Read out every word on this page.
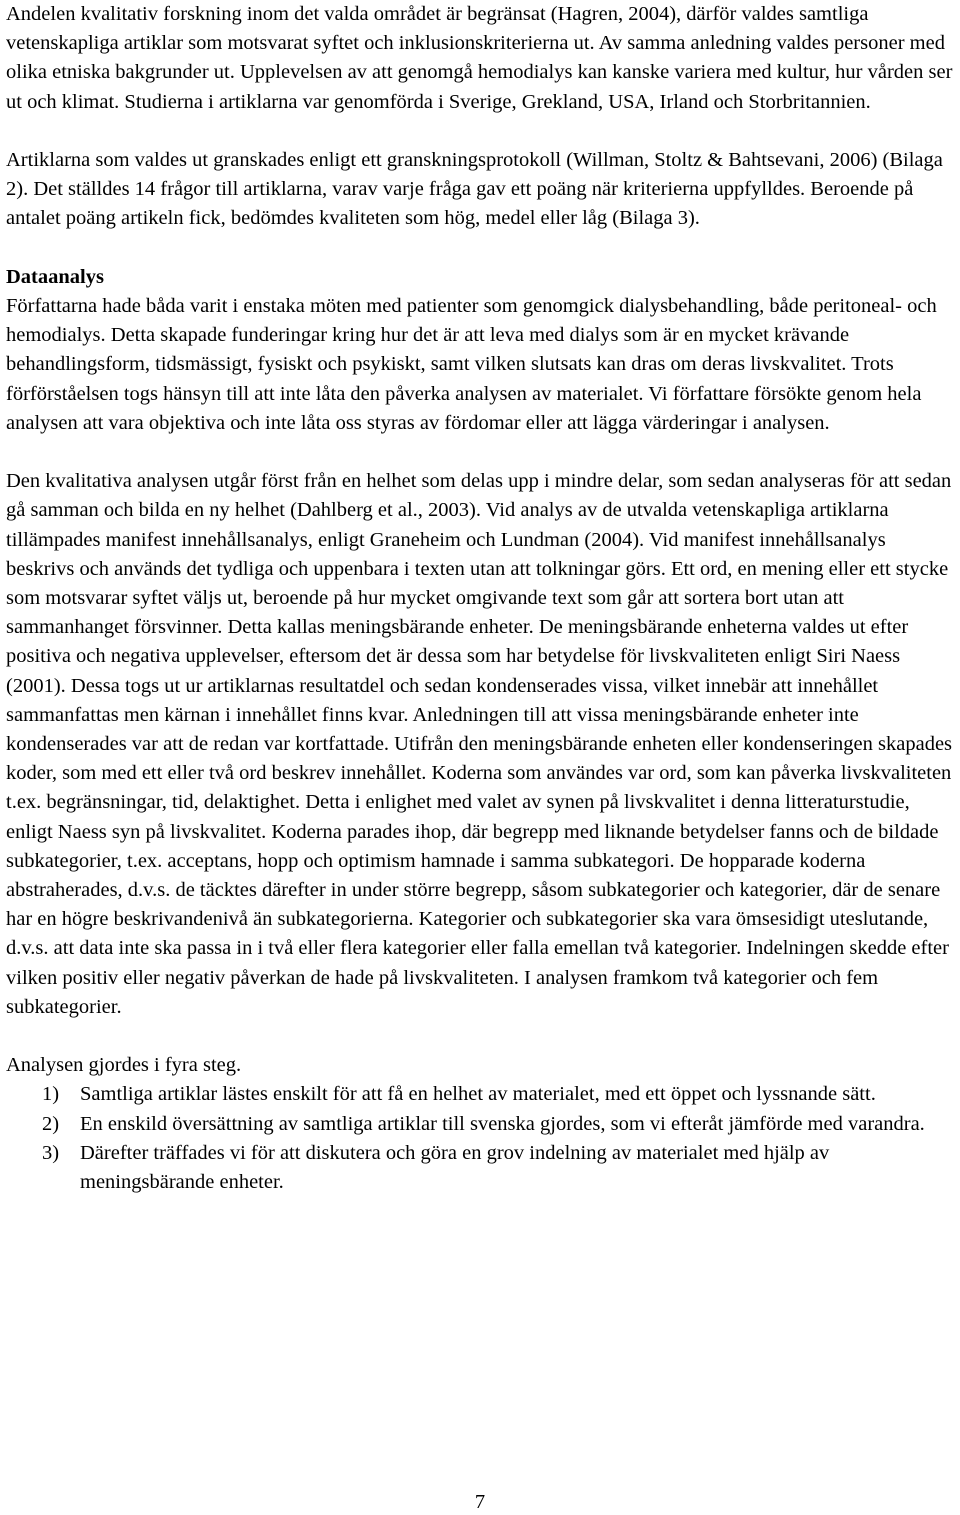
Andelen kvalitativ forskning inom det valda området är begränsat (Hagren, 2004), därför valdes samtliga vetenskapliga artiklar som motsvarat syftet och inklusionskriterierna ut. Av samma anledning valdes personer med olika etniska bakgrunder ut. Upplevelsen av att genomgå hemodialys kan kanske variera med kultur, hur vården ser ut och klimat. Studierna i artiklarna var genomförda i Sverige, Grekland, USA, Irland och Storbritannien.

Artiklarna som valdes ut granskades enligt ett granskningsprotokoll (Willman, Stoltz & Bahtsevani, 2006) (Bilaga 2). Det ställdes 14 frågor till artiklarna, varav varje fråga gav ett poäng när kriterierna uppfylldes. Beroende på antalet poäng artikeln fick, bedömdes kvaliteten som hög, medel eller låg (Bilaga 3).

Dataanalys

Författarna hade båda varit i enstaka möten med patienter som genomgick dialysbehandling, både peritoneal- och hemodialys. Detta skapade funderingar kring hur det är att leva med dialys som är en mycket krävande behandlingsform, tidsmässigt, fysiskt och psykiskt, samt vilken slutsats kan dras om deras livskvalitet. Trots förförståelsen togs hänsyn till att inte låta den påverka analysen av materialet. Vi författare försökte genom hela analysen att vara objektiva och inte låta oss styras av fördomar eller att lägga värderingar i analysen.

Den kvalitativa analysen utgår först från en helhet som delas upp i mindre delar, som sedan analyseras för att sedan gå samman och bilda en ny helhet (Dahlberg et al., 2003). Vid analys av de utvalda vetenskapliga artiklarna tillämpades manifest innehållsanalys, enligt Graneheim och Lundman (2004). Vid manifest innehållsanalys beskrivs och används det tydliga och uppenbara i texten utan att tolkningar görs. Ett ord, en mening eller ett stycke som motsvarar syftet väljs ut, beroende på hur mycket omgivande text som går att sortera bort utan att sammanhanget försvinner. Detta kallas meningsbärande enheter. De meningsbärande enheterna valdes ut efter positiva och negativa upplevelser, eftersom det är dessa som har betydelse för livskvaliteten enligt Siri Naess (2001). Dessa togs ut ur artiklarnas resultatdel och sedan kondenserades vissa, vilket innebär att innehållet sammanfattas men kärnan i innehållet finns kvar. Anledningen till att vissa meningsbärande enheter inte kondenserades var att de redan var kortfattade. Utifrån den meningsbärande enheten eller kondenseringen skapades koder, som med ett eller två ord beskrev innehållet. Koderna som användes var ord, som kan påverka livskvaliteten t.ex. begränsningar, tid, delaktighet. Detta i enlighet med valet av synen på livskvalitet i denna litteraturstudie, enligt Naess syn på livskvalitet. Koderna parades ihop, där begrepp med liknande betydelser fanns och de bildade subkategorier, t.ex. acceptans, hopp och optimism hamnade i samma subkategori. De hopparade koderna abstraherades, d.v.s. de täcktes därefter in under större begrepp, såsom subkategorier och kategorier, där de senare har en högre beskrivandenivå än subkategorierna. Kategorier och subkategorier ska vara ömsesidigt uteslutande, d.v.s. att data inte ska passa in i två eller flera kategorier eller falla emellan två kategorier. Indelningen skedde efter vilken positiv eller negativ påverkan de hade på livskvaliteten. I analysen framkom två kategorier och fem subkategorier.

Analysen gjordes i fyra steg.

1)	Samtliga artiklar lästes enskilt för att få en helhet av materialet, med ett öppet och lyssnande sätt.
2)	En enskild översättning av samtliga artiklar till svenska gjordes, som vi efteråt jämförde med varandra.
3)	Därefter träffades vi för att diskutera och göra en grov indelning av materialet med hjälp av meningsbärande enheter.
7
